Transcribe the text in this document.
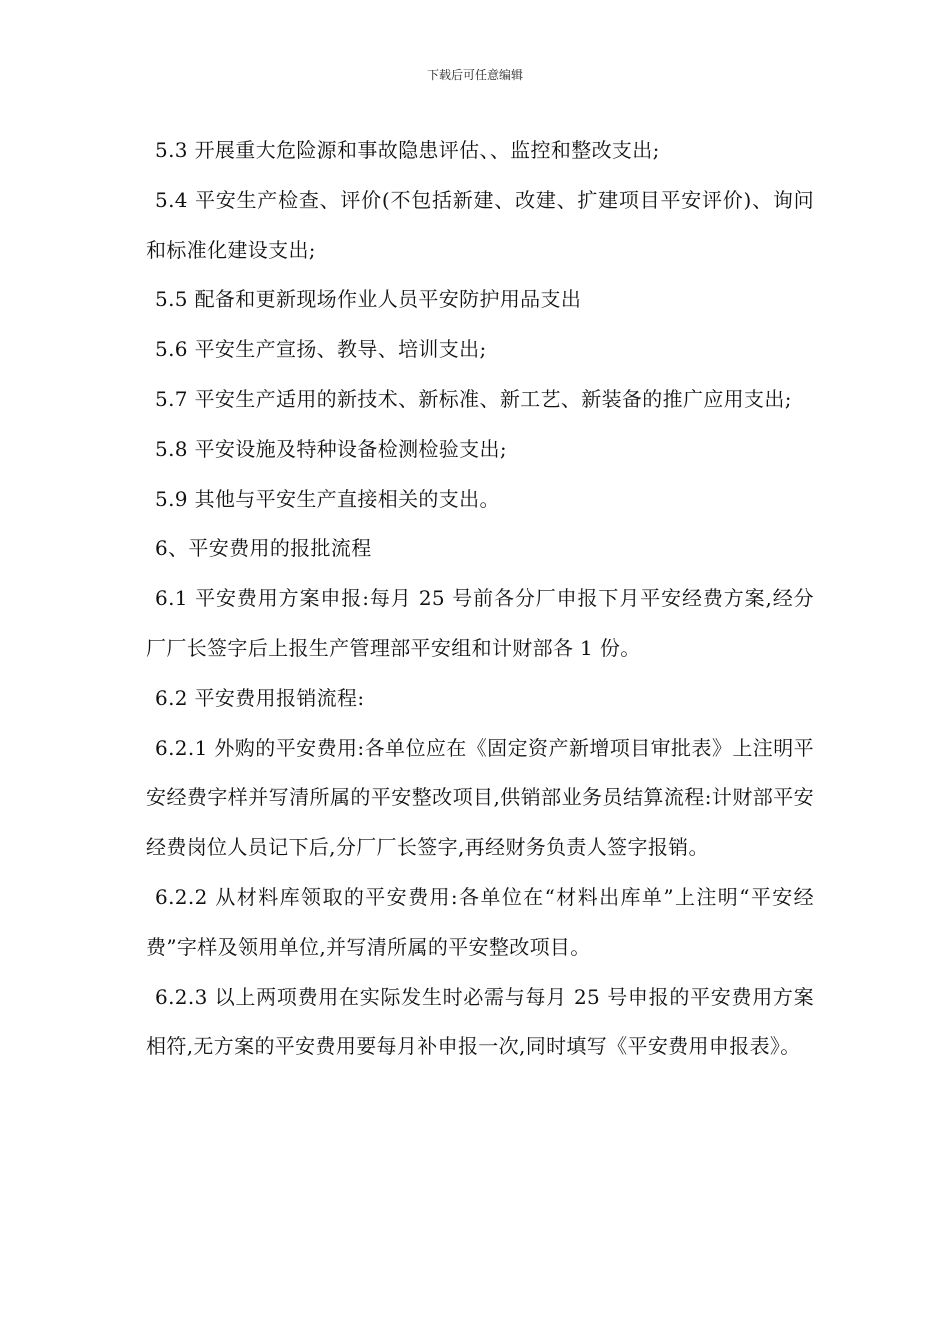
下载后可任意编辑

5.3 开展重大危险源和事故隐患评估、、监控和整改支出;

5.4 平安生产检查、评价(不包括新建、改建、扩建项目平安评价)、询问和标准化建设支出;

5.5 配备和更新现场作业人员平安防护用品支出

5.6 平安生产宣扬、教导、培训支出;

5.7 平安生产适用的新技术、新标准、新工艺、新装备的推广应用支出;

5.8 平安设施及特种设备检测检验支出;

5.9 其他与平安生产直接相关的支出。

6、平安费用的报批流程

6.1 平安费用方案申报:每月 25 号前各分厂申报下月平安经费方案,经分厂厂长签字后上报生产管理部平安组和计财部各 1 份。

6.2 平安费用报销流程:

6.2.1 外购的平安费用:各单位应在《固定资产新增项目审批表》上注明平安经费字样并写清所属的平安整改项目,供销部业务员结算流程:计财部平安经费岗位人员记下后,分厂厂长签字,再经财务负责人签字报销。

6.2.2 从材料库领取的平安费用:各单位在“材料出库单”上注明“平安经费”字样及领用单位,并写清所属的平安整改项目。

6.2.3 以上两项费用在实际发生时必需与每月 25 号申报的平安费用方案相符,无方案的平安费用要每月补申报一次,同时填写《平安费用申报表》。
